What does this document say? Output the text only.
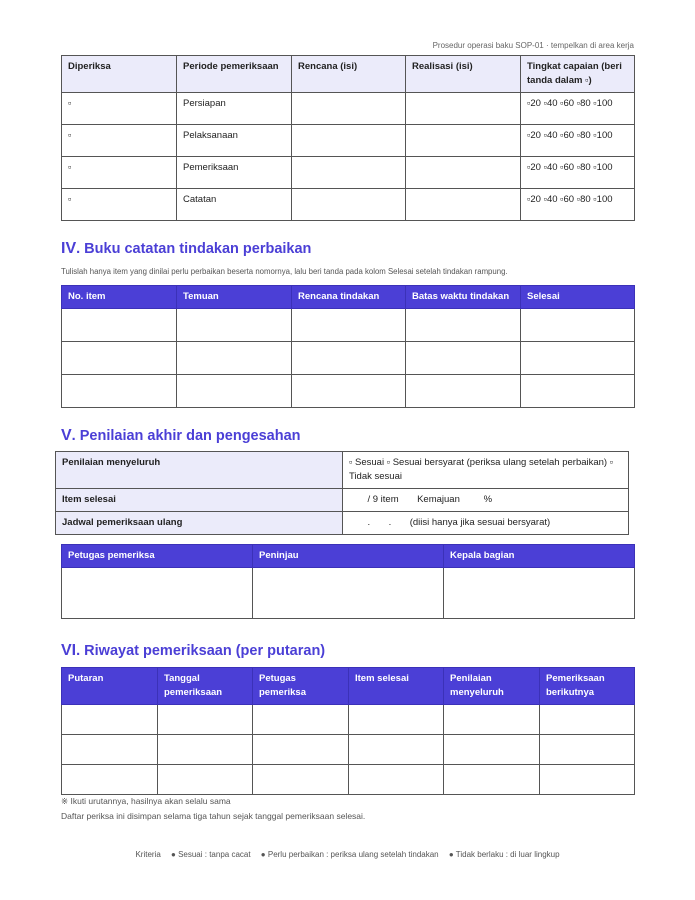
Prosedur operasi baku SOP-01 · tempelkan di area kerja
Diperiksa	Periode pemeriksaan	Rencana (isi)	Realisasi (isi)	Tingkat capaian (beri tanda dalam ▫)
▫	Persiapan			▫20 ▫40 ▫60 ▫80 ▫100
▫	Pelaksanaan			▫20 ▫40 ▫60 ▫80 ▫100
▫	Pemeriksaan			▫20 ▫40 ▫60 ▫80 ▫100
▫	Catatan			▫20 ▫40 ▫60 ▫80 ▫100
IV. Buku catatan tindakan perbaikan
Tulislah hanya item yang dinilai perlu perbaikan beserta nomornya, lalu beri tanda pada kolom Selesai setelah tindakan rampung.
No. item	Temuan	Rencana tindakan	Batas waktu tindakan	Selesai

V. Penilaian akhir dan pengesahan
Penilaian menyeluruh	▫ Sesuai ▫ Sesuai bersyarat (periksa ulang setelah perbaikan) ▫ Tidak sesuai
Item selesai	/ 9 item       Kemajuan         %
Jadwal pemeriksaan ulang	.       .       (diisi hanya jika sesuai bersyarat)
Petugas pemeriksa	Peninjau	Kepala bagian

VI. Riwayat pemeriksaan (per putaran)
Putaran	Tanggal pemeriksaan	Petugas pemeriksa	Item selesai	Penilaian menyeluruh	Pemeriksaan berikutnya

※ Ikuti urutannya, hasilnya akan selalu sama
Daftar periksa ini disimpan selama tiga tahun sejak tanggal pemeriksaan selesai.
Kriteria ● Sesuai : tanpa cacat ● Perlu perbaikan : periksa ulang setelah tindakan ● Tidak berlaku : di luar lingkup
